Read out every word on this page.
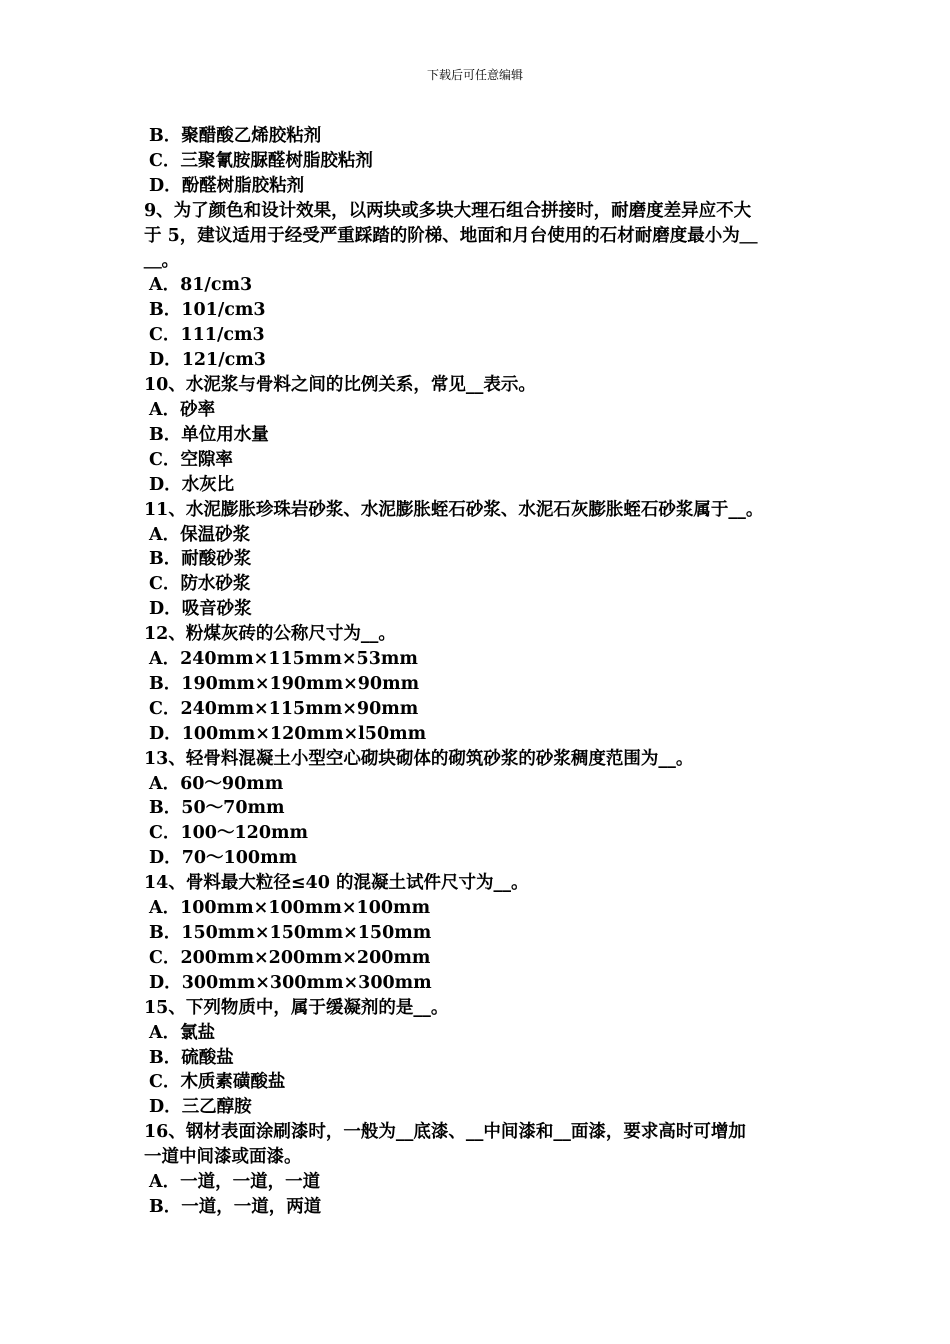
下载后可任意编辑
B．聚醋酸乙烯胶粘剂
C．三聚氰胺脲醛树脂胶粘剂
D．酚醛树脂胶粘剂
9、为了颜色和设计效果，以两块或多块大理石组合拼接时，耐磨度差异应不大
于 5，建议适用于经受严重踩踏的阶梯、地面和月台使用的石材耐磨度最小为＿
＿。
A．81/cm3
B．101/cm3
C．111/cm3
D．121/cm3
10、水泥浆与骨料之间的比例关系，常见__表示。
A．砂率
B．单位用水量
C．空隙率
D．水灰比
11、水泥膨胀珍珠岩砂浆、水泥膨胀蛭石砂浆、水泥石灰膨胀蛭石砂浆属于__。
A．保温砂浆
B．耐酸砂浆
C．防水砂浆
D．吸音砂浆
12、粉煤灰砖的公称尺寸为__。
A．240mm×115mm×53mm
B．190mm×190mm×90mm
C．240mm×115mm×90mm
D．100mm×120mm×l50mm
13、轻骨料混凝土小型空心砌块砌体的砌筑砂浆的砂浆稠度范围为__。
A．60～90mm
B．50～70mm
C．100～120mm
D．70～100mm
14、骨料最大粒径≤40 的混凝土试件尺寸为__。
A．100mm×100mm×100mm
B．150mm×150mm×150mm
C．200mm×200mm×200mm
D．300mm×300mm×300mm
15、下列物质中，属于缓凝剂的是__。
A．氯盐
B．硫酸盐
C．木质素磺酸盐
D．三乙醇胺
16、钢材表面涂刷漆时，一般为__底漆、__中间漆和__面漆，要求高时可增加
一道中间漆或面漆。
A．一道，一道，一道
B．一道，一道，两道
